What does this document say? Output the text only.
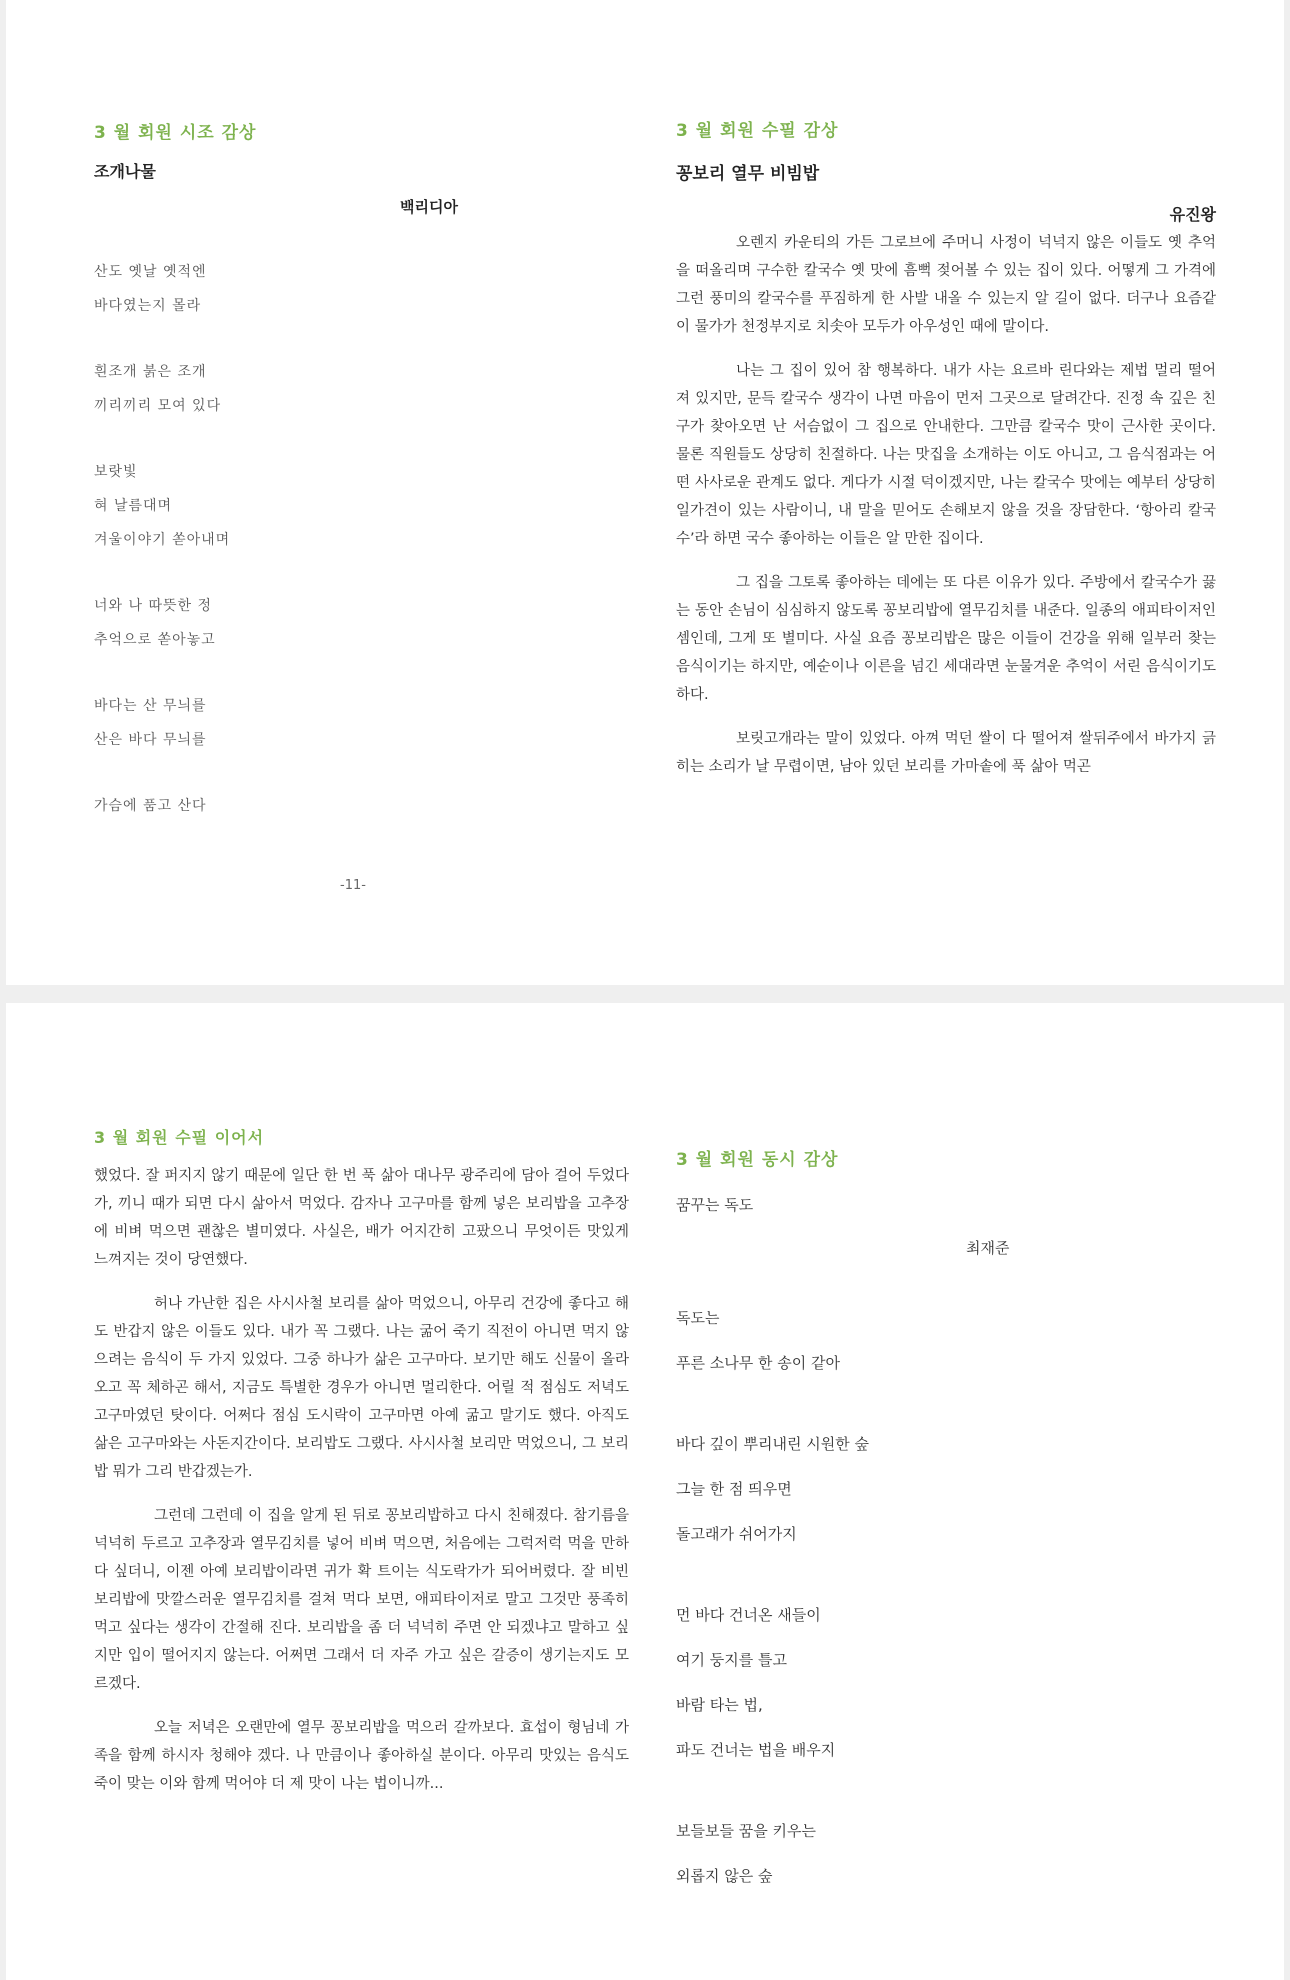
3 월 회원 시조 감상
조개나물
백리디아
산도 옛날 옛적엔
바다였는지 몰라
흰조개 붉은 조개
끼리끼리 모여 있다
보랏빛
혀 날름대며
겨울이야기 쏟아내며
너와 나 따뜻한 정
추억으로 쏟아놓고
바다는 산 무늬를
산은 바다 무늬를
가슴에 품고 산다
-11-
3 월 회원 수필 감상
꽁보리 열무 비빔밥
유진왕

오렌지 카운티의 가든 그로브에 주머니 사정이 넉넉지 않은 이들도 옛 추억을 떠올리며 구수한 칼국수 옛 맛에 흠뻑 젖어볼 수 있는 집이 있다. 어떻게 그 가격에 그런 풍미의 칼국수를 푸짐하게 한 사발 내올 수 있는지 알 길이 없다. 더구나 요즘같이 물가가 천정부지로 치솟아 모두가 아우성인 때에 말이다.

나는 그 집이 있어 참 행복하다. 내가 사는 요르바 린다와는 제법 멀리 떨어져 있지만, 문득 칼국수 생각이 나면 마음이 먼저 그곳으로 달려간다. 진정 속 깊은 친구가 찾아오면 난 서슴없이 그 집으로 안내한다. 그만큼 칼국수 맛이 근사한 곳이다. 물론 직원들도 상당히 친절하다. 나는 맛집을 소개하는 이도 아니고, 그 음식점과는 어떤 사사로운 관계도 없다. 게다가 시절 덕이겠지만, 나는 칼국수 맛에는 예부터 상당히 일가견이 있는 사람이니, 내 말을 믿어도 손해보지 않을 것을 장담한다. ‘항아리 칼국수’라 하면 국수 좋아하는 이들은 알 만한 집이다.

그 집을 그토록 좋아하는 데에는 또 다른 이유가 있다. 주방에서 칼국수가 끓는 동안 손님이 심심하지 않도록 꽁보리밥에 열무김치를 내준다. 일종의 애피타이저인 셈인데, 그게 또 별미다. 사실 요즘 꽁보리밥은 많은 이들이 건강을 위해 일부러 찾는 음식이기는 하지만, 예순이나 이른을 넘긴 세대라면 눈물겨운 추억이 서린 음식이기도 하다.

보릿고개라는 말이 있었다. 아껴 먹던 쌀이 다 떨어져 쌀뒤주에서 바가지 긁히는 소리가 날 무렵이면, 남아 있던 보리를 가마솥에 푹 삶아 먹곤

3 월 회원 수필 이어서

했었다. 잘 퍼지지 않기 때문에 일단 한 번 푹 삶아 대나무 광주리에 담아 걸어 두었다가, 끼니 때가 되면 다시 삶아서 먹었다. 감자나 고구마를 함께 넣은 보리밥을 고추장에 비벼 먹으면 괜찮은 별미였다. 사실은, 배가 어지간히 고팠으니 무엇이든 맛있게 느껴지는 것이 당연했다.

허나 가난한 집은 사시사철 보리를 삶아 먹었으니, 아무리 건강에 좋다고 해도 반갑지 않은 이들도 있다. 내가 꼭 그랬다. 나는 굶어 죽기 직전이 아니면 먹지 않으려는 음식이 두 가지 있었다. 그중 하나가 삶은 고구마다. 보기만 해도 신물이 올라오고 꼭 체하곤 해서, 지금도 특별한 경우가 아니면 멀리한다. 어릴 적 점심도 저녁도 고구마였던 탓이다. 어쩌다 점심 도시락이 고구마면 아예 굶고 말기도 했다. 아직도 삶은 고구마와는 사돈지간이다. 보리밥도 그랬다. 사시사철 보리만 먹었으니, 그 보리밥 뭐가 그리 반갑겠는가.

그런데 그런데 이 집을 알게 된 뒤로 꽁보리밥하고 다시 친해졌다. 참기름을 넉넉히 두르고 고추장과 열무김치를 넣어 비벼 먹으면, 처음에는 그럭저럭 먹을 만하다 싶더니, 이젠 아예 보리밥이라면 귀가 확 트이는 식도락가가 되어버렸다. 잘 비빈 보리밥에 맛깔스러운 열무김치를 걸쳐 먹다 보면, 애피타이저로 말고 그것만 풍족히 먹고 싶다는 생각이 간절해 진다. 보리밥을 좀 더 넉넉히 주면 안 되겠냐고 말하고 싶지만 입이 떨어지지 않는다. 어쩌면 그래서 더 자주 가고 싶은 갈증이 생기는지도 모르겠다.

오늘 저녁은 오랜만에 열무 꽁보리밥을 먹으러 갈까보다. 효섭이 형님네 가족을 함께 하시자 청해야 겠다. 나 만큼이나 좋아하실 분이다. 아무리 맛있는 음식도 죽이 맞는 이와 함께 먹어야 더 제 맛이 나는 법이니까...

3 월 회원 동시 감상
꿈꾸는 독도
최재준
독도는
푸른 소나무 한 송이 같아
바다 깊이 뿌리내린 시원한 숲
그늘 한 점 띄우면
돌고래가 쉬어가지
먼 바다 건너온 새들이
여기 둥지를 틀고
바람 타는 법,
파도 건너는 법을 배우지
보들보들 꿈을 키우는
외롭지 않은 숲
